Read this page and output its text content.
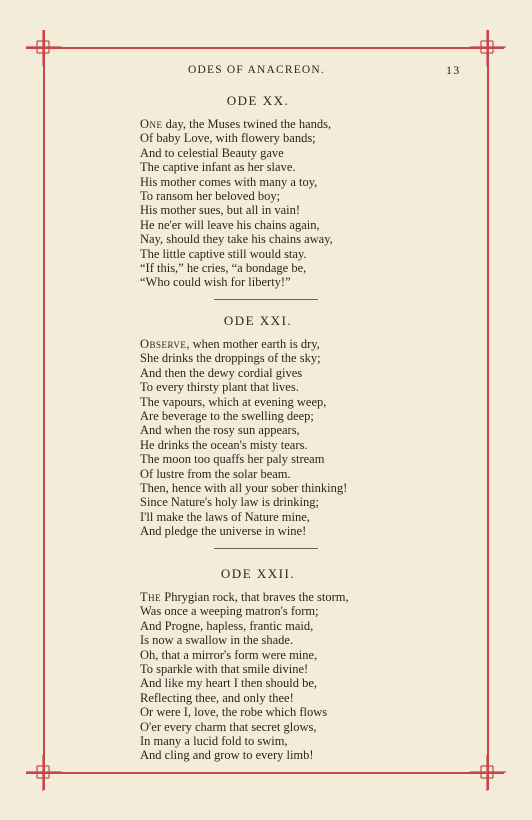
ODES OF ANACREON.	13
ODE XX.
One day, the Muses twined the hands,
Of baby Love, with flowery bands;
And to celestial Beauty gave
The captive infant as her slave.
His mother comes with many a toy,
To ransom her beloved boy;
His mother sues, but all in vain!
He ne'er will leave his chains again,
Nay, should they take his chains away,
The little captive still would stay.
“If this,” he cries, “a bondage be,
“Who could wish for liberty!”
ODE XXI.
Observe, when mother earth is dry,
She drinks the droppings of the sky;
And then the dewy cordial gives
To every thirsty plant that lives.
The vapours, which at evening weep,
Are beverage to the swelling deep;
And when the rosy sun appears,
He drinks the ocean's misty tears.
The moon too quaffs her paly stream
Of lustre from the solar beam.
Then, hence with all your sober thinking!
Since Nature's holy law is drinking;
I'll make the laws of Nature mine,
And pledge the universe in wine!
ODE XXII.
The Phrygian rock, that braves the storm,
Was once a weeping matron's form;
And Progne, hapless, frantic maid,
Is now a swallow in the shade.
Oh, that a mirror's form were mine,
To sparkle with that smile divine!
And like my heart I then should be,
Reflecting thee, and only thee!
Or were I, love, the robe which flows
O'er every charm that secret glows,
In many a lucid fold to swim,
And cling and grow to every limb!
